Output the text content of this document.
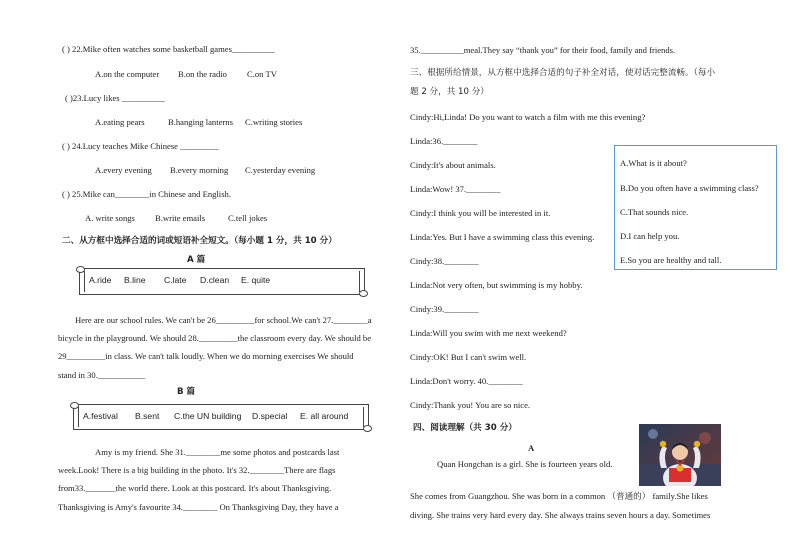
( ) 22.Mike often watches some basketball games__________
A.on the computer B.on the radio C.on TV
( )23.Lucy likes __________
A.eating pears	B.hanging lanterns C.writing stories
( ) 24.Lucy teaches Mike Chinese _________
A.every evening B.every morning C.yesterday evening
( ) 25.Mike can________in Chinese and English.
A. write songs B.write emails	C.tell jokes
二、从方框中选择合适的词或短语补全短文。（每小题 1 分，共 10 分）
A 篇
A.ride B.line C.late D.clean E. quite
Here are our school rules. We can't be 26_________for school.We can't 27.________a
bicycle in the playground. We should 28._________the classroom every day. We should be
29_________in class. We can't talk loudly. When we do morning exercises We should
stand in 30.___________
B 篇
A.festival B.sent C.the UN building D.special E. all around
Amy is my friend. She 31.________me some photos and postcards last
week.Look! There is a big building in the photo. It's 32.________There are flags
from33._______the world there. Look at this postcard. It's about Thanksgiving.
Thanksgiving is Amy's favourite 34.________ On Thanksgiving Day, they have a
35.__________meal.They say “thank you” for their food, family and friends.
三、根据所给情景，从方框中选择合适的句子补全对话，使对话完整流畅。（每小
题 2 分，共 10 分）
Cindy:Hi,Linda! Do you want to watch a film with me this evening?
Linda:36.________
Cindy:It's about animals.
Linda:Wow! 37.________
Cindy:I think you will be interested in it.
Linda:Yes. But I have a swimming class this evening.
Cindy:38.________
Linda:Not very often, but swimming is my hobby.
Cindy:39.________
Linda:Will you swim with me next weekend?
Cindy:OK! But I can't swim well.
Linda:Don't worry. 40.________
Cindy:Thank you! You are so nice.
A.What is it about?
B.Do you often have a swimming class?
C.That sounds nice.
D.I can help you.
E.So you are healthy and tall.
四、阅读理解（共 30 分）
A
Quan Hongchan is a girl. She is fourteen years old.
She comes from Guangzhou. She was born in a common （普通的） family.She likes
diving. She trains very hard every day. She always trains seven hours a day. Sometimes
